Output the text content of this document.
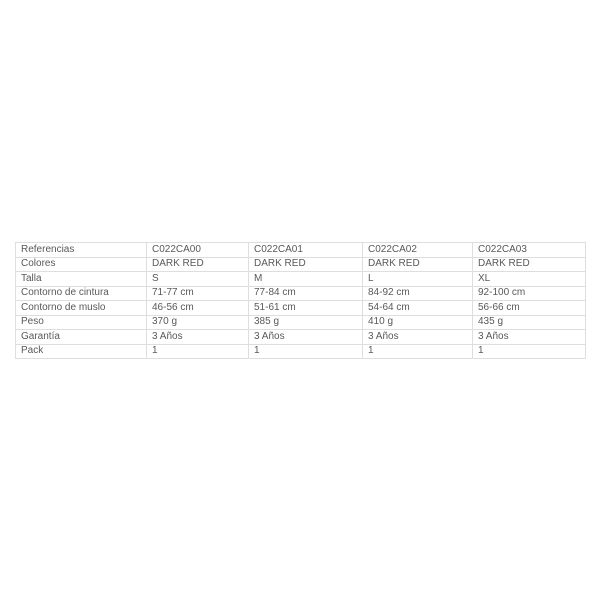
Referencias	C022CA00	C022CA01	C022CA02	C022CA03
Colores	DARK RED	DARK RED	DARK RED	DARK RED
Talla	S	M	L	XL
Contorno de cintura	71-77 cm	77-84 cm	84-92 cm	92-100 cm
Contorno de muslo	46-56 cm	51-61 cm	54-64 cm	56-66 cm
Peso	370 g	385 g	410 g	435 g
Garantía	3 Años	3 Años	3 Años	3 Años
Pack	1	1	1	1
